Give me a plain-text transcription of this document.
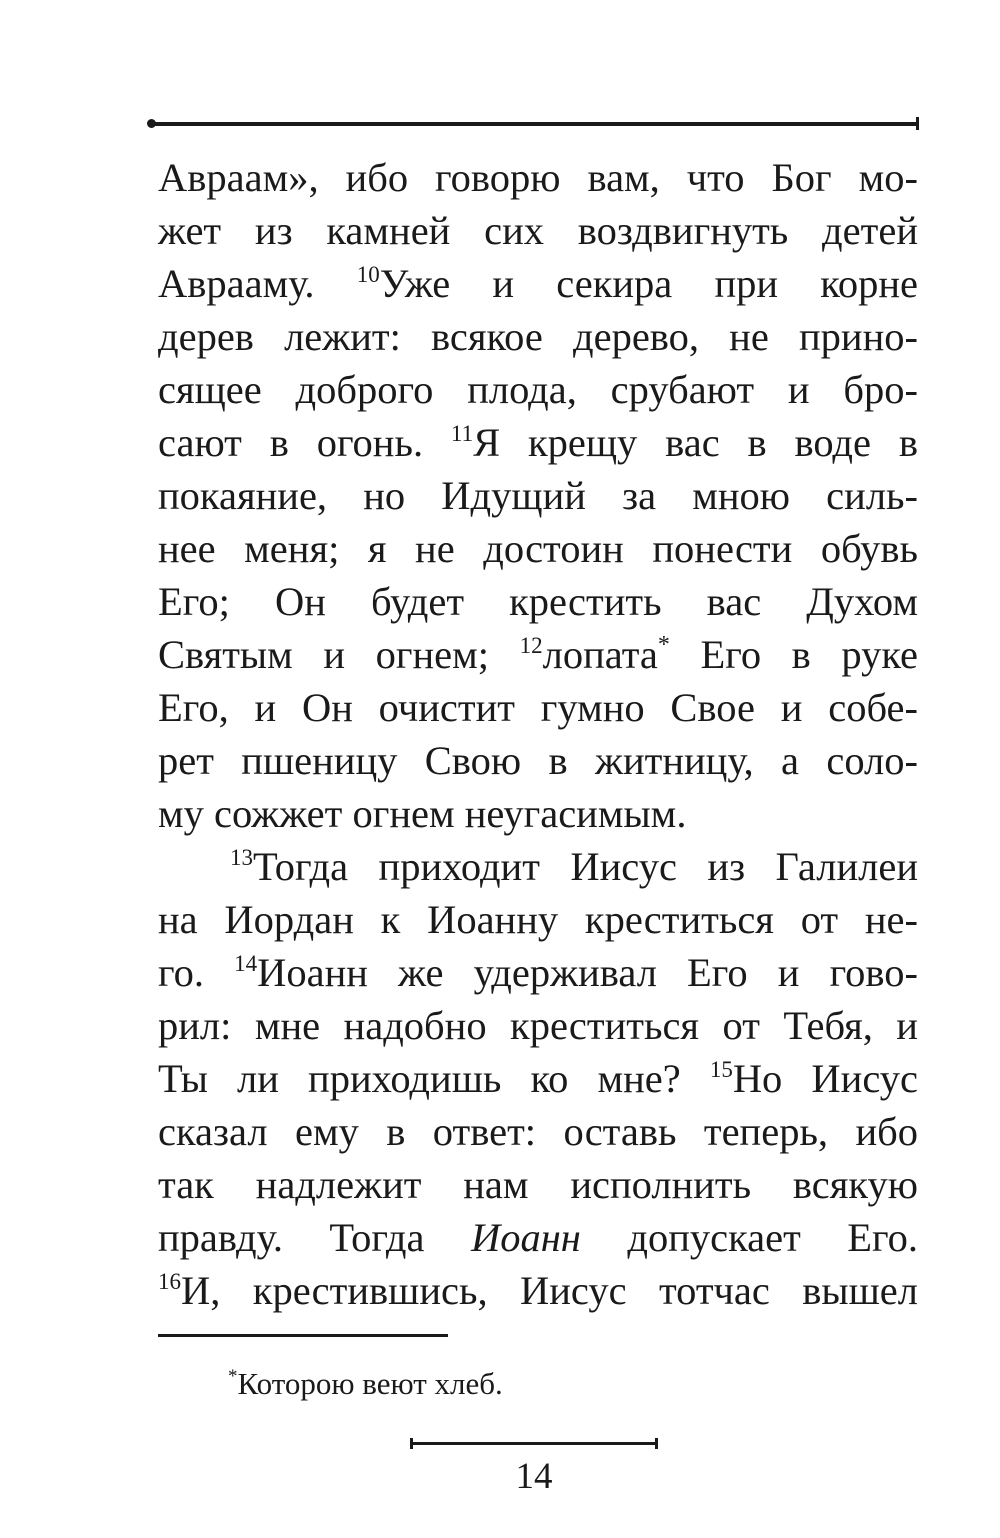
Авраам», ибо говорю вам, что Бог мо-
жет из камней сих воздвигнуть детей
Аврааму. $^{10}$Уже и секира при корне
дерев лежит: всякое дерево, не прино-
сящее доброго плода, срубают и бро-
сают в огонь. $^{11}$Я крещу вас в воде в
покаяние, но Идущий за мною силь-
нее меня; я не достоин понести обувь
Его; Он будет крестить вас Духом
Святым и огнем; $^{12}$лопата* Его в руке
Его, и Он очистит гумно Свое и собе-
рет пшеницу Свою в житницу, а соло-
му сожжет огнем неугасимым.
$^{13}$Тогда приходит Иисус из Галилеи
на Иордан к Иоанну креститься от не-
го. $^{14}$Иоанн же удерживал Его и гово-
рил: мне надобно креститься от Тебя, и
Ты ли приходишь ко мне? $^{15}$Но Иисус
сказал ему в ответ: оставь теперь, ибо
так надлежит нам исполнить всякую
правду. Тогда Иоанн допускает Его.
$^{16}$И, крестившись, Иисус тотчас вышел
*Которою веют хлеб.
14
